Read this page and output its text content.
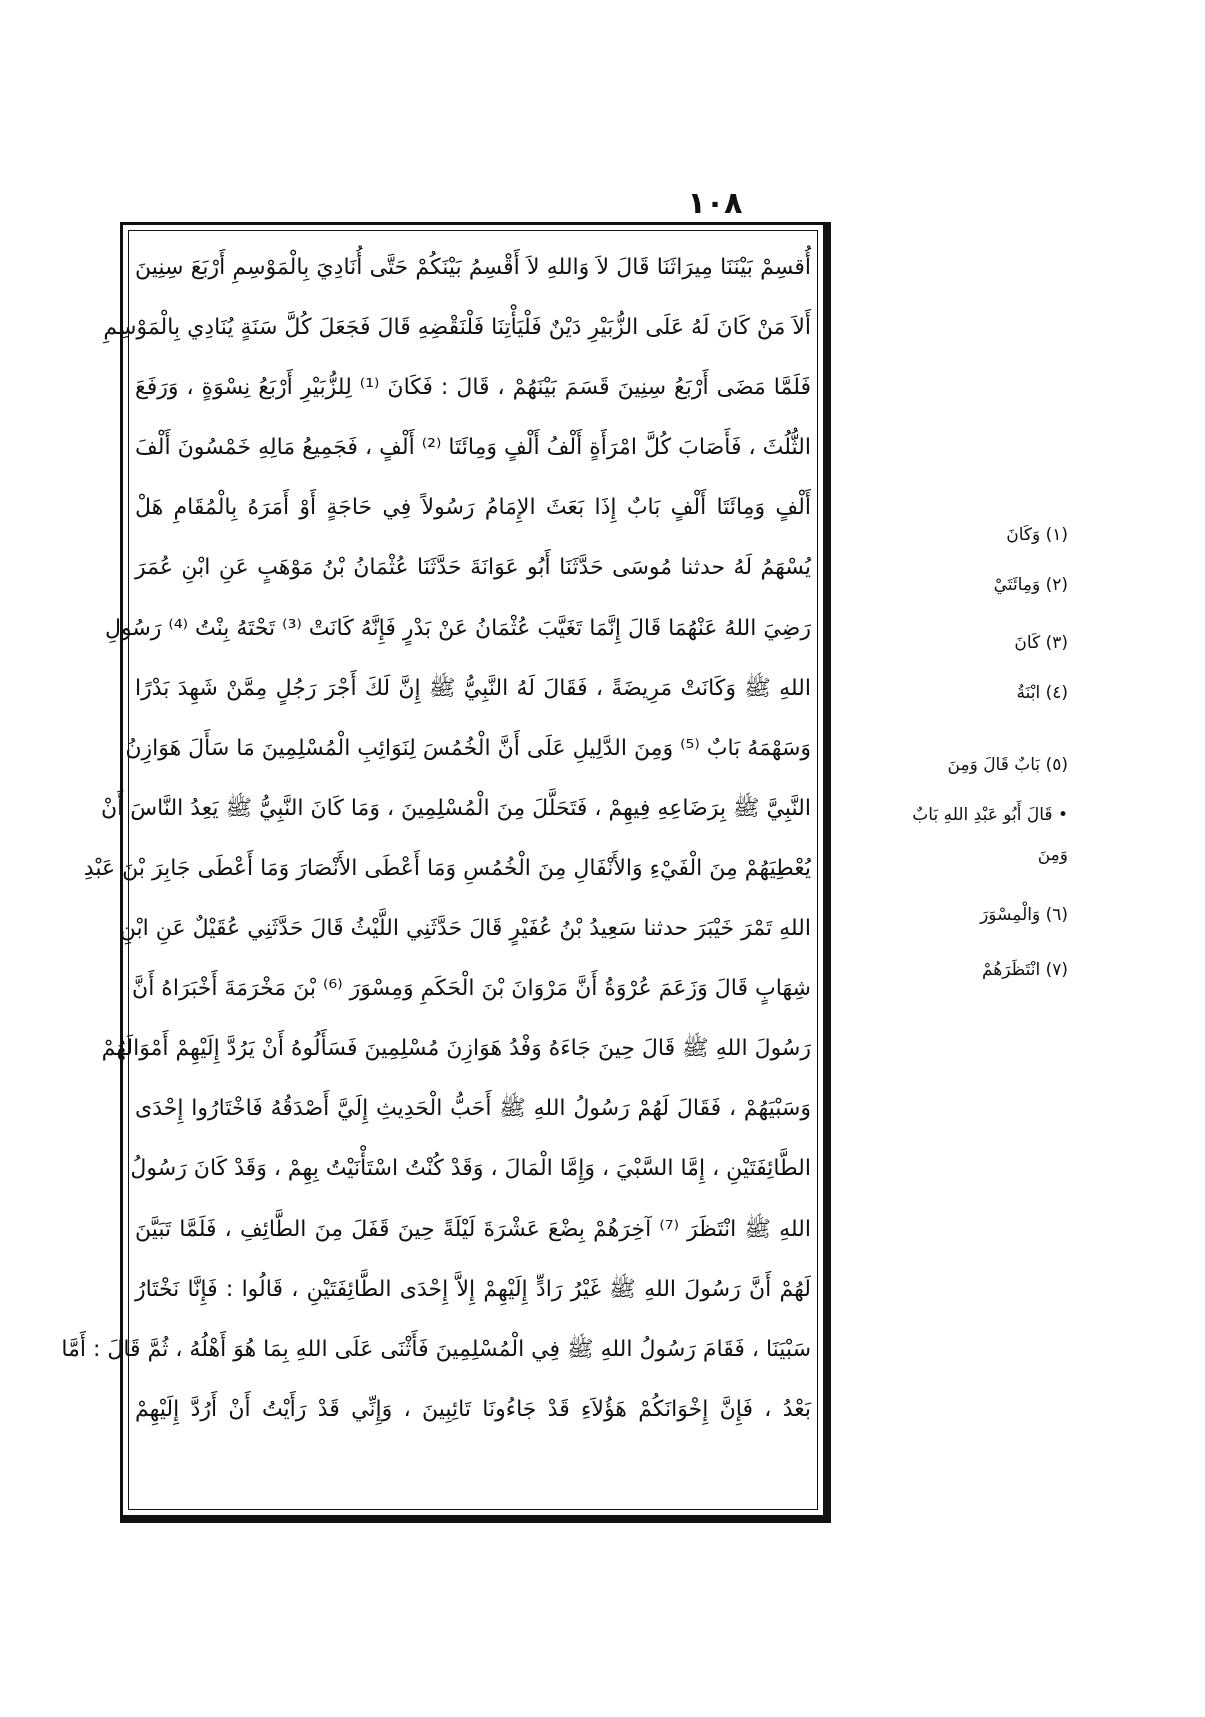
١٠٨
أُقسِمْ بَيْنَنَا مِيرَاثَنَا قَالَ لاَ وَاللهِ لاَ أَقْسِمُ بَيْنَكُمْ حَتَّى أُنَادِيَ بِالْمَوْسِمِ أَرْبَعَ سِنِينَ
أَلاَ مَنْ كَانَ لَهُ عَلَى الزُّبَيْرِ دَيْنٌ فَلْيَأْتِنَا فَلْنَقْضِهِ قَالَ فَجَعَلَ كُلَّ سَنَةٍ يُنَادِي بِالْمَوْسِمِ
فَلَمَّا مَضَى أَرْبَعُ سِنِينَ قَسَمَ بَيْنَهُمْ ، قَالَ : فَكَانَ ⁽¹⁾ لِلزُّبَيْرِ أَرْبَعُ نِسْوَةٍ ، وَرَفَعَ
الثُّلُثَ ، فَأَصَابَ كُلَّ امْرَأَةٍ أَلْفُ أَلْفٍ وَمِائَتَا ⁽²⁾ أَلْفٍ ، فَجَمِيعُ مَالِهِ خَمْسُونَ أَلْفَ
أَلْفٍ وَمِائَتَا أَلْفٍ بَابٌ إِذَا بَعَثَ الإِمَامُ رَسُولاً فِي حَاجَةٍ أَوْ أَمَرَهُ بِالْمُقَامِ هَلْ
يُسْهَمُ لَهُ حدثنا مُوسَى حَدَّثَنَا أَبُو عَوَانَةَ حَدَّثَنَا عُثْمَانُ بْنُ مَوْهَبٍ عَنِ ابْنِ عُمَرَ
رَضِيَ اللهُ عَنْهُمَا قَالَ إِنَّمَا تَغَيَّبَ عُثْمَانُ عَنْ بَدْرٍ فَإِنَّهُ كَانَتْ ⁽³⁾ تَحْتَهُ بِنْتُ ⁽⁴⁾ رَسُولِ
اللهِ ﷺ وَكَانَتْ مَرِيضَةً ، فَقَالَ لَهُ النَّبِيُّ ﷺ إِنَّ لَكَ أَجْرَ رَجُلٍ مِمَّنْ شَهِدَ بَدْرًا
وَسَهْمَهُ بَابٌ ⁽⁵⁾ وَمِنَ الدَّلِيلِ عَلَى أَنَّ الْخُمُسَ لِنَوَائِبِ الْمُسْلِمِينَ مَا سَأَلَ هَوَازِنُ
النَّبِيَّ ﷺ بِرَضَاعِهِ فِيهِمْ ، فَتَحَلَّلَ مِنَ الْمُسْلِمِينَ ، وَمَا كَانَ النَّبِيُّ ﷺ يَعِدُ النَّاسَ أَنْ
يُعْطِيَهُمْ مِنَ الْفَيْءِ وَالأَنْفَالِ مِنَ الْخُمُسِ وَمَا أَعْطَى الأَنْصَارَ وَمَا أَعْطَى جَابِرَ بْنَ عَبْدِ
اللهِ تَمْرَ خَيْبَرَ حدثنا سَعِيدُ بْنُ عُفَيْرٍ قَالَ حَدَّثَنِي اللَّيْثُ قَالَ حَدَّثَنِي عُقَيْلٌ عَنِ ابْنِ
شِهَابٍ قَالَ وَزَعَمَ عُرْوَةُ أَنَّ مَرْوَانَ بْنَ الْحَكَمِ وَمِسْوَرَ ⁽⁶⁾ بْنَ مَخْرَمَةَ أَخْبَرَاهُ أَنَّ
رَسُولَ اللهِ ﷺ قَالَ حِينَ جَاءَهُ وَفْدُ هَوَازِنَ مُسْلِمِينَ فَسَأَلُوهُ أَنْ يَرُدَّ إِلَيْهِمْ أَمْوَالَهُمْ
وَسَبْيَهُمْ ، فَقَالَ لَهُمْ رَسُولُ اللهِ ﷺ أَحَبُّ الْحَدِيثِ إِلَيَّ أَصْدَقُهُ فَاخْتَارُوا إِحْدَى
الطَّائِفَتَيْنِ ، إِمَّا السَّبْيَ ، وَإِمَّا الْمَالَ ، وَقَدْ كُنْتُ اسْتَأْنَيْتُ بِهِمْ ، وَقَدْ كَانَ رَسُولُ
اللهِ ﷺ انْتَظَرَ ⁽⁷⁾ آخِرَهُمْ بِضْعَ عَشْرَةَ لَيْلَةً حِينَ قَفَلَ مِنَ الطَّائِفِ ، فَلَمَّا تَبَيَّنَ
لَهُمْ أَنَّ رَسُولَ اللهِ ﷺ غَيْرُ رَادٍّ إِلَيْهِمْ إِلاَّ إِحْدَى الطَّائِفَتَيْنِ ، قَالُوا : فَإِنَّا نَخْتَارُ
سَبْيَنَا ، فَقَامَ رَسُولُ اللهِ ﷺ فِي الْمُسْلِمِينَ فَأَثْنَى عَلَى اللهِ بِمَا هُوَ أَهْلُهُ ، ثُمَّ قَالَ : أَمَّا
بَعْدُ ، فَإِنَّ إِخْوَانَكُمْ هَؤُلاَءِ قَدْ جَاءُونَا تَائِبِينَ ، وَإِنِّي قَدْ رَأَيْتُ أَنْ أَرُدَّ إِلَيْهِمْ
(١) وَكَانَ
(٢) وَمِائَتَيْ
(٣) كَانَ
(٤) ابْنَةُ
(٥) بَابٌ قَالَ وَمِنَ
• قَالَ أَبُو عَبْدِ اللهِ بَابٌ
وَمِنَ
(٦) وَالْمِسْوَرَ
(٧) انْتَظَرَهُمْ
